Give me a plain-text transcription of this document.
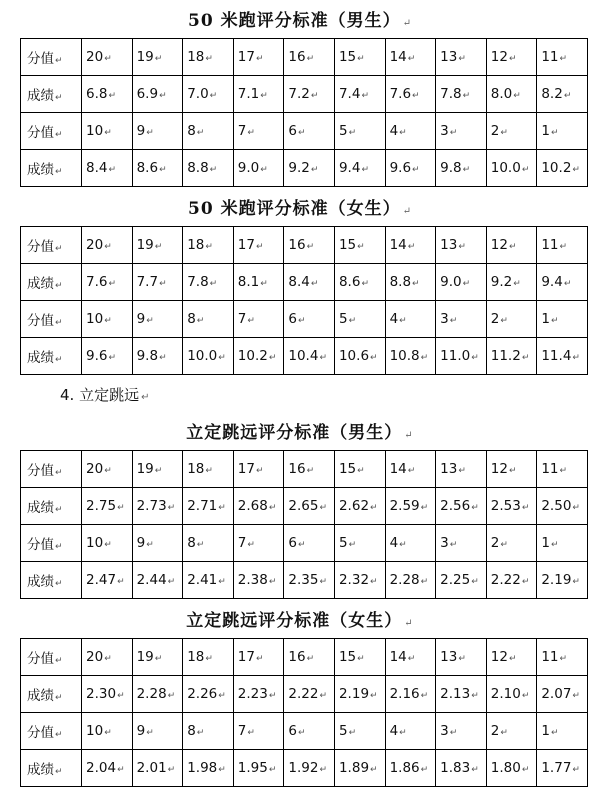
50 米跑评分标准（男生） ↵
分值↵	20↵	19↵	18↵	17↵	16↵	15↵	14↵	13↵	12↵	11↵
成绩↵	6.8↵	6.9↵	7.0↵	7.1↵	7.2↵	7.4↵	7.6↵	7.8↵	8.0↵	8.2↵
分值↵	10↵	9↵	8↵	7↵	6↵	5↵	4↵	3↵	2↵	1↵
成绩↵	8.4↵	8.6↵	8.8↵	9.0↵	9.2↵	9.4↵	9.6↵	9.8↵	10.0↵	10.2↵
50 米跑评分标准（女生） ↵
分值↵	20↵	19↵	18↵	17↵	16↵	15↵	14↵	13↵	12↵	11↵
成绩↵	7.6↵	7.7↵	7.8↵	8.1↵	8.4↵	8.6↵	8.8↵	9.0↵	9.2↵	9.4↵
分值↵	10↵	9↵	8↵	7↵	6↵	5↵	4↵	3↵	2↵	1↵
成绩↵	9.6↵	9.8↵	10.0↵	10.2↵	10.4↵	10.6↵	10.8↵	11.0↵	11.2↵	11.4↵
4. 立定跳远 ↵
立定跳远评分标准（男生） ↵
分值↵	20↵	19↵	18↵	17↵	16↵	15↵	14↵	13↵	12↵	11↵
成绩↵	2.75↵	2.73↵	2.71↵	2.68↵	2.65↵	2.62↵	2.59↵	2.56↵	2.53↵	2.50↵
分值↵	10↵	9↵	8↵	7↵	6↵	5↵	4↵	3↵	2↵	1↵
成绩↵	2.47↵	2.44↵	2.41↵	2.38↵	2.35↵	2.32↵	2.28↵	2.25↵	2.22↵	2.19↵
立定跳远评分标准（女生） ↵
分值↵	20↵	19↵	18↵	17↵	16↵	15↵	14↵	13↵	12↵	11↵
成绩↵	2.30↵	2.28↵	2.26↵	2.23↵	2.22↵	2.19↵	2.16↵	2.13↵	2.10↵	2.07↵
分值↵	10↵	9↵	8↵	7↵	6↵	5↵	4↵	3↵	2↵	1↵
成绩↵	2.04↵	2.01↵	1.98↵	1.95↵	1.92↵	1.89↵	1.86↵	1.83↵	1.80↵	1.77↵
